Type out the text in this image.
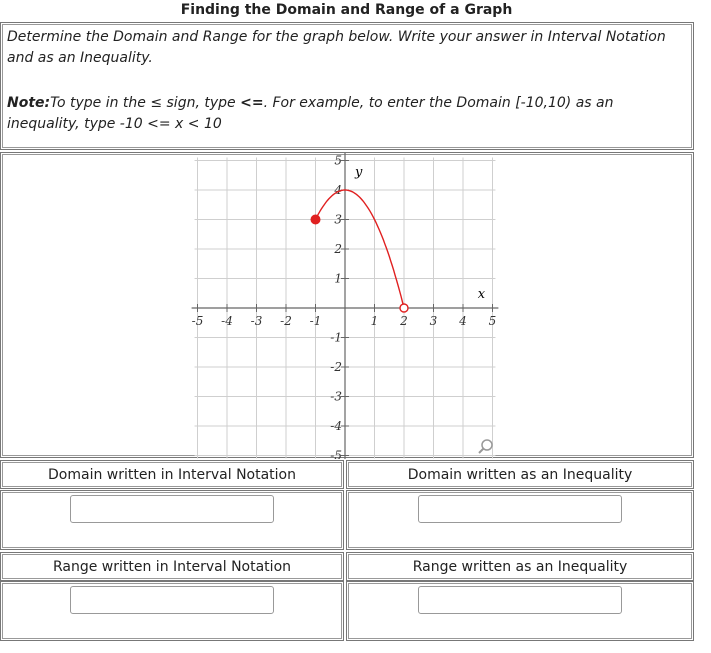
Finding the Domain and Range of a Graph
Determine the Domain and Range for the graph below. Write your answer in Interval Notation and as an Inequality.
Note:To type in the ≤ sign, type <=. For example, to enter the Domain [-10,10) as an inequality, type -10 <= x < 10
-5 -4 -3 -2 -1	1 2 3 4 5
5
4
3
2
1
-1
-2
-3
-4
-5
x
y
Domain written in Interval Notation	Domain written as an Inequality
Range written in Interval Notation	Range written as an Inequality
